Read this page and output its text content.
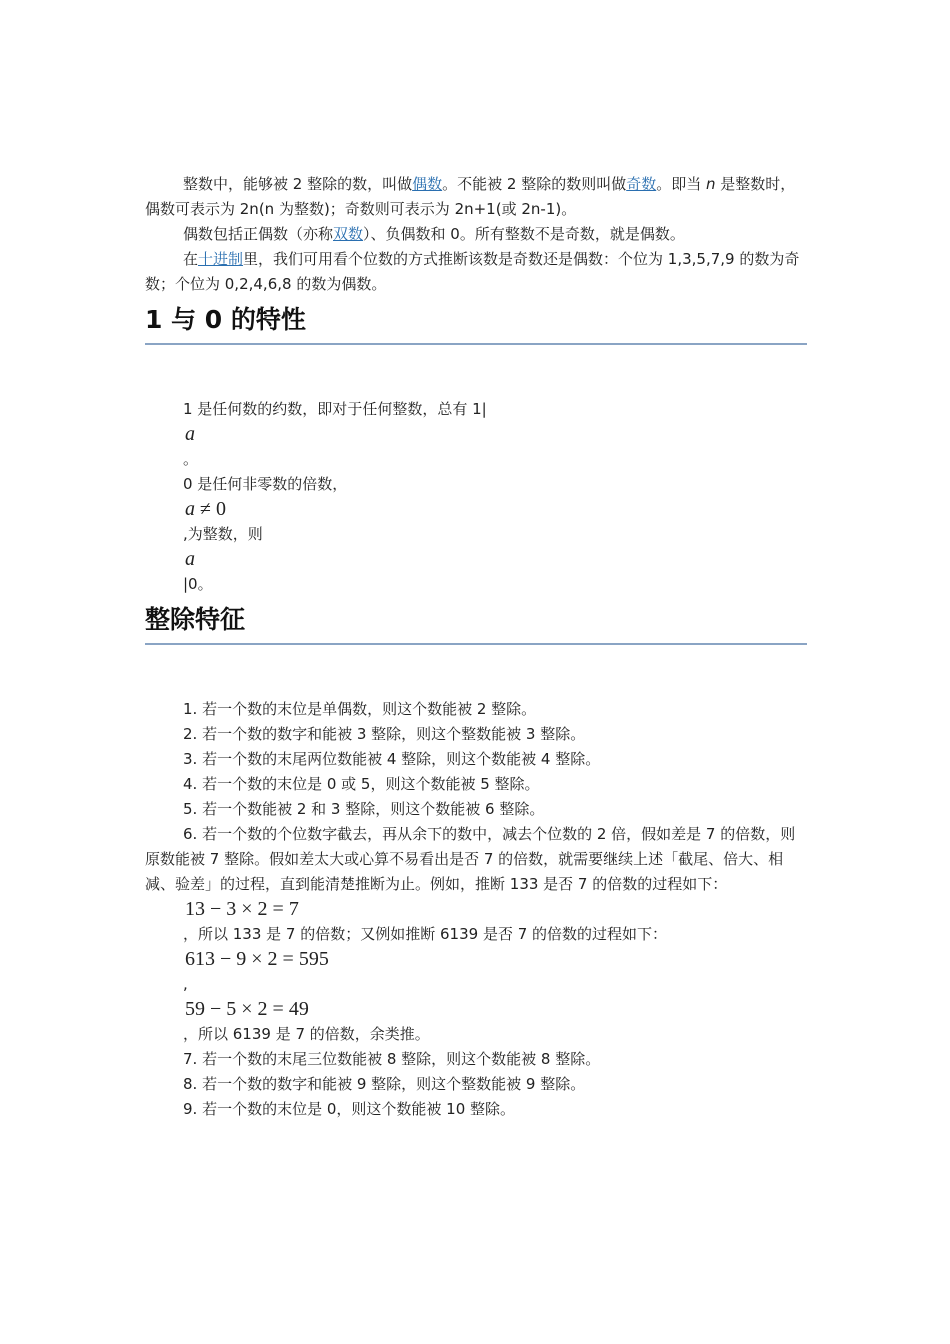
整数中，能够被 2 整除的数，叫做偶数。不能被 2 整除的数则叫做奇数。即当 n 是整数时，偶数可表示为 2n(n 为整数)；奇数则可表示为 2n+1(或 2n-1)。

偶数包括正偶数（亦称双数）、负偶数和 0。所有整数不是奇数，就是偶数。

在十进制里，我们可用看个位数的方式推断该数是奇数还是偶数：个位为 1,3,5,7,9 的数为奇数；个位为 0,2,4,6,8 的数为偶数。

1 与 0 的特性

1 是任何数的约数，即对于任何整数，总有 1|

a

。

0 是任何非零数的倍数，

a ≠ 0

,为整数，则

a

|0。

整除特征

1. 若一个数的末位是单偶数，则这个数能被 2 整除。

2. 若一个数的数字和能被 3 整除，则这个整数能被 3 整除。

3. 若一个数的末尾两位数能被 4 整除，则这个数能被 4 整除。

4. 若一个数的末位是 0 或 5，则这个数能被 5 整除。

5. 若一个数能被 2 和 3 整除，则这个数能被 6 整除。

6. 若一个数的个位数字截去，再从余下的数中，减去个位数的 2 倍，假如差是 7 的倍数，则原数能被 7 整除。假如差太大或心算不易看出是否 7 的倍数，就需要继续上述「截尾、倍大、相减、验差」的过程，直到能清楚推断为止。例如，推断 133 是否 7 的倍数的过程如下：

13 − 3 × 2 = 7

，所以 133 是 7 的倍数；又例如推断 6139 是否 7 的倍数的过程如下：

613 − 9 × 2 = 595

,

59 − 5 × 2 = 49

，所以 6139 是 7 的倍数，余类推。

7. 若一个数的末尾三位数能被 8 整除，则这个数能被 8 整除。

8. 若一个数的数字和能被 9 整除，则这个整数能被 9 整除。

9. 若一个数的末位是 0，则这个数能被 10 整除。
